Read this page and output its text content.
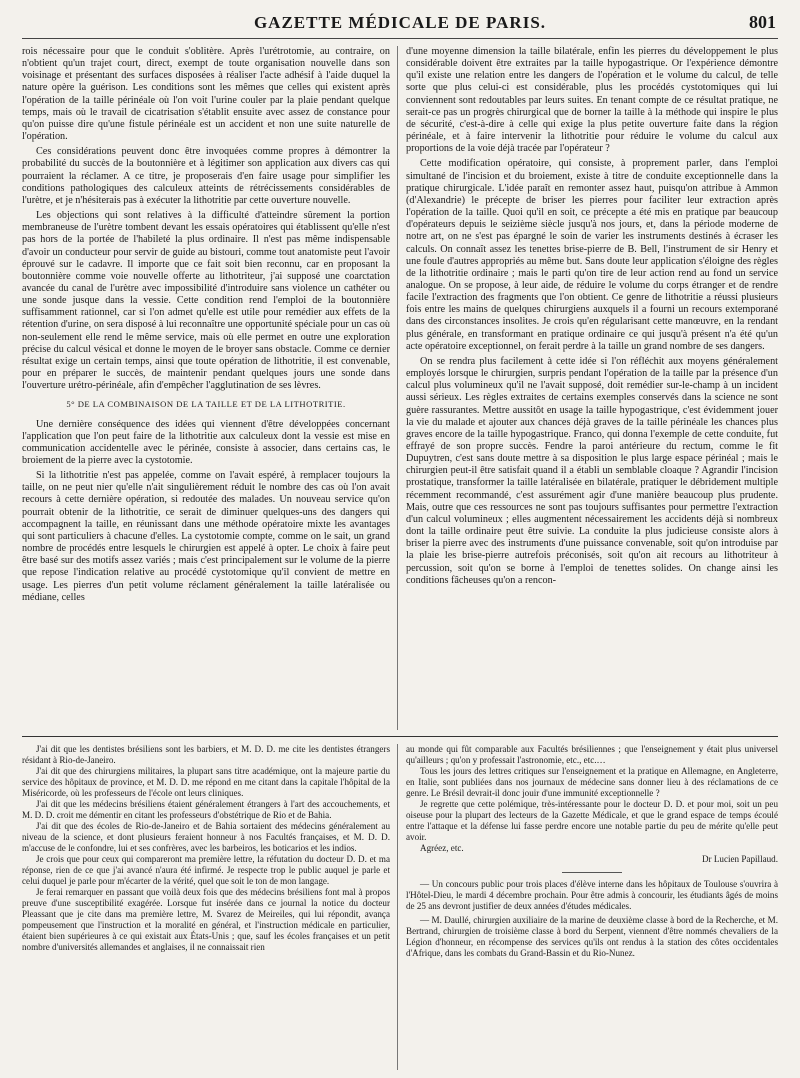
GAZETTE MÉDICALE DE PARIS.	801

rois nécessaire pour que le conduit s'oblitère. Après l'urétrotomie, au contraire, on n'obtient qu'un trajet court, direct, exempt de toute organisation nouvelle dans son voisinage et présentant des surfaces disposées à réaliser l'acte adhésif à l'aide duquel la nature opère la guérison. Les conditions sont les mêmes que celles qui existent après l'opération de la taille périnéale où l'on voit l'urine couler par la plaie pendant quelque temps, mais où le travail de cicatrisation s'établit ensuite avec assez de constance pour qu'on puisse dire qu'une fistule périnéale est un accident et non une suite naturelle de l'opération.

Ces considérations peuvent donc être invoquées comme propres à démontrer la probabilité du succès de la boutonnière et à légitimer son application aux divers cas qui pourraient la réclamer. A ce titre, je proposerais d'en faire usage pour simplifier les conditions pathologiques des calculeux atteints de rétrécissements considérables de l'urètre, et je n'hésiterais pas à exécuter la lithotritie par cette ouverture nouvelle.

Les objections qui sont relatives à la difficulté d'atteindre sûrement la portion membraneuse de l'urètre tombent devant les essais opératoires qui établissent qu'elle n'est pas hors de la portée de l'habileté la plus ordinaire. Il n'est pas même indispensable d'avoir un conducteur pour servir de guide au bistouri, comme tout anatomiste peut l'avoir éprouvé sur le cadavre. Il importe que ce fait soit bien reconnu, car en proposant la boutonnière comme voie nouvelle offerte au lithotriteur, j'ai supposé une coarctation avancée du canal de l'urètre avec impossibilité d'introduire sans violence un cathéter ou une sonde jusque dans la vessie. Cette condition rend l'emploi de la boutonnière suffisamment rationnel, car si l'on admet qu'elle est utile pour remédier aux effets de la rétention d'urine, on sera disposé à lui reconnaître une opportunité spéciale pour un cas où non-seulement elle rend le même service, mais où elle permet en outre une exploration précise du calcul vésical et donne le moyen de le broyer sans obstacle. Comme ce dernier résultat exige un certain temps, ainsi que toute opération de lithotritie, il est convenable, pour en préparer le succès, de maintenir pendant quelques jours une sonde dans l'ouverture urétro-périnéale, afin d'empêcher l'agglutination de ses lèvres.

5° DE LA COMBINAISON DE LA TAILLE ET DE LA LITHOTRITIE.

Une dernière conséquence des idées qui viennent d'être développées concernant l'application que l'on peut faire de la lithotritie aux calculeux dont la vessie est mise en communication accidentelle avec le périnée, consiste à associer, dans certains cas, le broiement de la pierre avec la cystotomie.

Si la lithotritie n'est pas appelée, comme on l'avait espéré, à remplacer toujours la taille, on ne peut nier qu'elle n'ait singulièrement réduit le nombre des cas où l'on avait recours à cette dernière opération, si redoutée des malades. Un nouveau service qu'on pourrait obtenir de la lithotritie, ce serait de diminuer quelques-uns des dangers qui accompagnent la taille, en réunissant dans une méthode opératoire mixte les avantages qui sont particuliers à chacune d'elles. La cystotomie compte, comme on le sait, un grand nombre de procédés entre lesquels le chirurgien est appelé à opter. Le choix à faire peut être basé sur des motifs assez variés ; mais c'est principalement sur le volume de la pierre que repose l'indication relative au procédé cystotomique qu'il convient de mettre en usage. Les pierres d'un petit volume réclament généralement la taille latéralisée ou médiane, celles

d'une moyenne dimension la taille bilatérale, enfin les pierres du développement le plus considérable doivent être extraites par la taille hypogastrique. Or l'expérience démontre qu'il existe une relation entre les dangers de l'opération et le volume du calcul, de telle sorte que plus celui-ci est considérable, plus les procédés cystotomiques qui lui conviennent sont redoutables par leurs suites. En tenant compte de ce résultat pratique, ne serait-ce pas un progrès chirurgical que de borner la taille à la méthode qui inspire le plus de sécurité, c'est-à-dire à celle qui exige la plus petite ouverture faite dans la région périnéale, et à faire intervenir la lithotritie pour réduire le volume du calcul aux proportions de la voie déjà tracée par l'opérateur ?

Cette modification opératoire, qui consiste, à proprement parler, dans l'emploi simultané de l'incision et du broiement, existe à titre de conduite exceptionnelle dans la pratique chirurgicale. L'idée paraît en remonter assez haut, puisqu'on attribue à Ammon (d'Alexandrie) le précepte de briser les pierres pour faciliter leur extraction après l'opération de la taille. Quoi qu'il en soit, ce précepte a été mis en pratique par beaucoup d'opérateurs depuis le seizième siècle jusqu'à nos jours, et, dans la période moderne de notre art, on ne s'est pas épargné le soin de varier les instruments destinés à écraser les calculs. On connaît assez les tenettes brise-pierre de B. Bell, l'instrument de sir Henry et une foule d'autres appropriés au même but. Sans doute leur application s'éloigne des règles de la lithotritie ordinaire ; mais le parti qu'on tire de leur action rend au fond un service analogue. On se propose, à leur aide, de réduire le volume du corps étranger et de rendre facile l'extraction des fragments que l'on obtient. Ce genre de lithotritie a réussi plusieurs fois entre les mains de quelques chirurgiens auxquels il a fourni un recours extemporané dans des circonstances insolites. Je crois qu'en régularisant cette manœuvre, en la rendant plus générale, en transformant en pratique ordinaire ce qui jusqu'à présent n'a été qu'un acte opératoire exceptionnel, on ferait perdre à la taille un grand nombre de ses dangers.

On se rendra plus facilement à cette idée si l'on réfléchit aux moyens généralement employés lorsque le chirurgien, surpris pendant l'opération de la taille par la présence d'un calcul plus volumineux qu'il ne l'avait supposé, doit remédier sur-le-champ à un incident aussi sérieux. Les règles extraites de certains exemples conservés dans la science ne sont guère rassurantes. Mettre aussitôt en usage la taille hypogastrique, c'est évidemment jouer la vie du malade et ajouter aux chances déjà graves de la taille périnéale les chances plus graves encore de la taille hypogastrique. Franco, qui donna l'exemple de cette conduite, fut effrayé de son propre succès. Fendre la paroi antérieure du rectum, comme le fit Dupuytren, c'est sans doute mettre à sa disposition le plus large espace périnéal ; mais le chirurgien peut-il être satisfait quand il a établi un semblable cloaque ? Agrandir l'incision prostatique, transformer la taille latéralisée en bilatérale, pratiquer le débridement multiple récemment recommandé, c'est assurément agir d'une manière beaucoup plus prudente. Mais, outre que ces ressources ne sont pas toujours suffisantes pour permettre l'extraction d'un calcul volumineux ; elles augmentent nécessairement les accidents déjà si nombreux dont la taille ordinaire peut être suivie. La conduite la plus judicieuse consiste alors à briser la pierre avec des instruments d'une puissance convenable, soit qu'on introduise par la plaie les brise-pierre autrefois préconisés, soit qu'on ait recours au lithotriteur à percussion, soit qu'on se borne à l'emploi de tenettes solides. On change ainsi les conditions fâcheuses qu'on a rencon-

J'ai dit que les dentistes brésiliens sont les barbiers, et M. D. D. me cite les dentistes étrangers résidant à Rio-de-Janeiro.

J'ai dit que des chirurgiens militaires, la plupart sans titre académique, ont la majeure partie du service des hôpitaux de province, et M. D. D. me répond en me citant dans la capitale l'hôpital de la Miséricorde, où les professeurs de l'école ont leurs cliniques.

J'ai dit que les médecins brésiliens étaient généralement étrangers à l'art des accouchements, et M. D. D. croit me démentir en citant les professeurs d'obstétrique de Rio et de Bahia.

J'ai dit que des écoles de Rio-de-Janeiro et de Bahia sortaient des médecins généralement au niveau de la science, et dont plusieurs feraient honneur à nos Facultés françaises, et M. D. D. m'accuse de le confondre, lui et ses confrères, avec les barbeiros, les boticarios et les indios.

Je crois que pour ceux qui compareront ma première lettre, la réfutation du docteur D. D. et ma réponse, rien de ce que j'ai avancé n'aura été infirmé. Je respecte trop le public auquel je parle et celui duquel je parle pour m'écarter de la vérité, quel que soit le ton de mon langage.

Je ferai remarquer en passant que voilà deux fois que des médecins brésiliens font mal à propos preuve d'une susceptibilité exagérée. Lorsque fut insérée dans ce journal la notice du docteur Pleassant que je cite dans ma première lettre, M. Svarez de Meireiles, qui lui répondit, avança pompeusement que l'instruction et la moralité en général, et l'instruction médicale en particulier, étaient bien supérieures à ce qui existait aux États-Unis ; que, sauf les écoles françaises et un petit nombre d'universités allemandes et anglaises, il ne connaissait rien

au monde qui fût comparable aux Facultés brésiliennes ; que l'enseignement y était plus universel qu'ailleurs ; qu'on y professait l'astronomie, etc., etc.…

Tous les jours des lettres critiques sur l'enseignement et la pratique en Allemagne, en Angleterre, en Italie, sont publiées dans nos journaux de médecine sans donner lieu à des réclamations de ce genre. Le Brésil devrait-il donc jouir d'une immunité exceptionnelle ?

Je regrette que cette polémique, très-intéressante pour le docteur D. D. et pour moi, soit un peu oiseuse pour la plupart des lecteurs de la Gazette Médicale, et que le grand espace de temps écoulé entre l'attaque et la défense lui fasse perdre encore une notable partie du peu de mérite qu'elle peut avoir.

Agréez, etc.

Dr Lucien Papillaud.

— Un concours public pour trois places d'élève interne dans les hôpitaux de Toulouse s'ouvrira à l'Hôtel-Dieu, le mardi 4 décembre prochain. Pour être admis à concourir, les étudiants âgés de moins de 25 ans devront justifier de deux années d'études médicales.

— M. Daullé, chirurgien auxiliaire de la marine de deuxième classe à bord de la Recherche, et M. Bertrand, chirurgien de troisième classe à bord du Serpent, viennent d'être nommés chevaliers de la Légion d'honneur, en récompense des services qu'ils ont rendus à la station des côtes occidentales d'Afrique, dans les combats du Grand-Bassin et du Rio-Nunez.
